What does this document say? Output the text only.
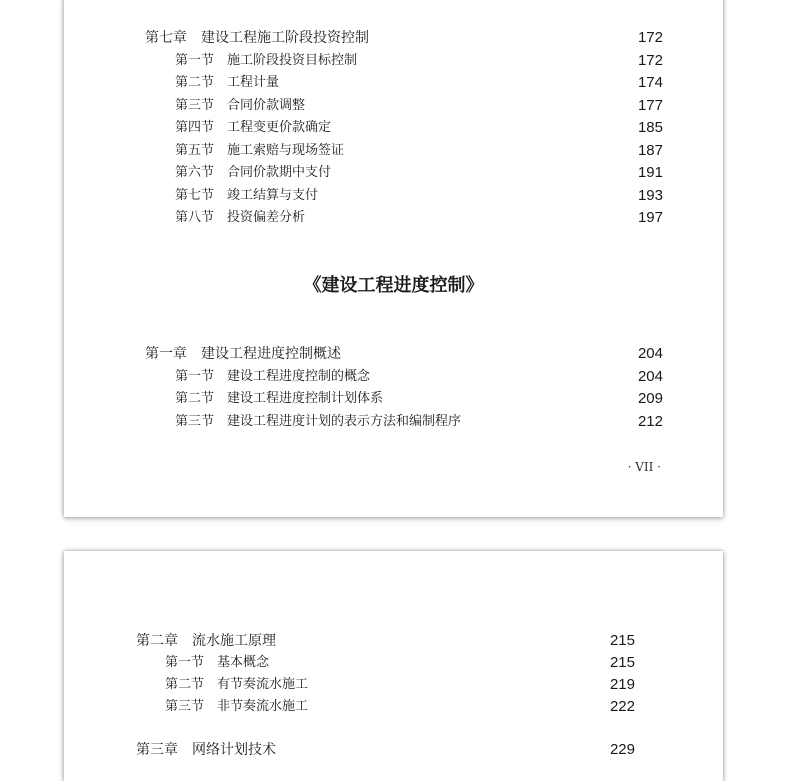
第七章　建设工程施工阶段投资控制	172
第一节　施工阶段投资目标控制	172
第二节　工程计量	174
第三节　合同价款调整	177
第四节　工程变更价款确定	185
第五节　施工索赔与现场签证	187
第六节　合同价款期中支付	191
第七节　竣工结算与支付	193
第八节　投资偏差分析	197
《建设工程进度控制》
第一章　建设工程进度控制概述	204
第一节　建设工程进度控制的概念	204
第二节　建设工程进度控制计划体系	209
第三节　建设工程进度计划的表示方法和编制程序	212
· VII ·
第二章　流水施工原理	215
第一节　基本概念	215
第二节　有节奏流水施工	219
第三节　非节奏流水施工	222
第三章　网络计划技术	229
